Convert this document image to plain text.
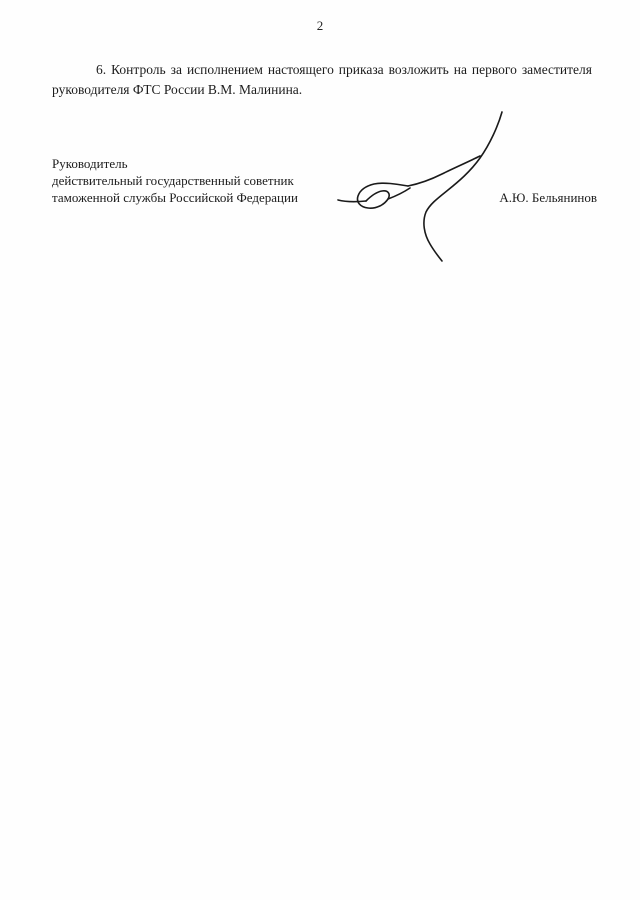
2

6. Контроль за исполнением настоящего приказа возложить на первого заместителя руководителя ФТС России В.М. Малинина.

Руководитель
действительный государственный советник
таможенной службы Российской Федерации	А.Ю. Бельянинов
